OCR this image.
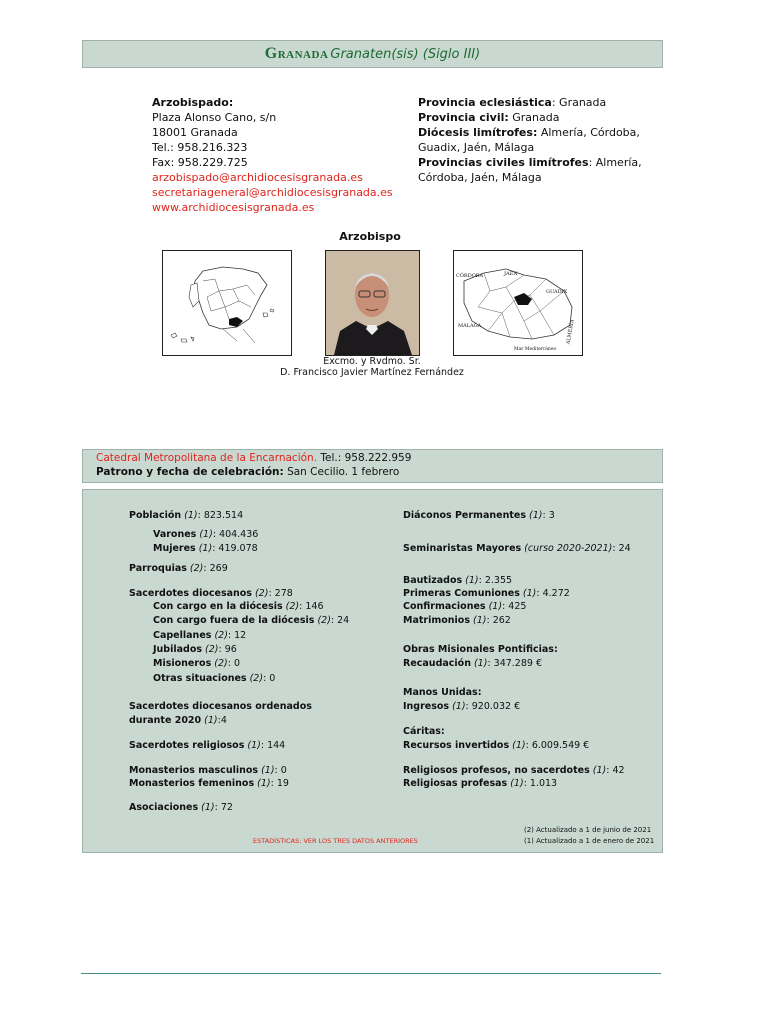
Granada Granaten(sis) (Siglo III)
Arzobispado:
Plaza Alonso Cano, s/n
18001 Granada
Tel.: 958.216.323
Fax: 958.229.725
arzobispado@archidiocesisgranada.es
secretariageneral@archidiocesisgranada.es
www.archidiocesisgranada.es
Provincia eclesiástica: Granada
Provincia civil: Granada
Diócesis limítrofes: Almería, Córdoba,
Guadix, Jaén, Málaga
Provincias civiles limítrofes: Almería,
Córdoba, Jaén, Málaga
Arzobispo
CÓRDOBA	JAÉN
GUADIX
MÁLAGA	ALMERÍA
Mar Mediterráneo
Excmo. y Rvdmo. Sr.
D. Francisco Javier Martínez Fernández
Catedral Metropolitana de la Encarnación. Tel.: 958.222.959
Patrono y fecha de celebración: San Cecilio. 1 febrero
Población (1): 823.514
Varones (1): 404.436
Mujeres (1): 419.078
Parroquias (2): 269
Sacerdotes diocesanos (2): 278
Con cargo en la diócesis (2): 146
Con cargo fuera de la diócesis (2): 24
Capellanes (2): 12
Jubilados (2): 96
Misioneros (2): 0
Otras situaciones (2): 0
Sacerdotes diocesanos ordenados
durante 2020 (1):4
Sacerdotes religiosos (1): 144
Monasterios masculinos (1): 0
Monasterios femeninos (1): 19
Asociaciones (1): 72
Diáconos Permanentes (1): 3
Seminaristas Mayores (curso 2020-2021): 24
Bautizados (1): 2.355
Primeras Comuniones (1): 4.272
Confirmaciones (1): 425
Matrimonios (1): 262
Obras Misionales Pontificias:
Recaudación (1): 347.289 €
Manos Unidas:
Ingresos (1): 920.032 €
Cáritas:
Recursos invertidos (1): 6.009.549 €
Religiosos profesos, no sacerdotes (1): 42
Religiosas profesas (1): 1.013
ESTADÍSTICAS: VER LOS TRES DATOS ANTERIORES
(2) Actualizado a 1 de junio de 2021
(1) Actualizado a 1 de enero de 2021
